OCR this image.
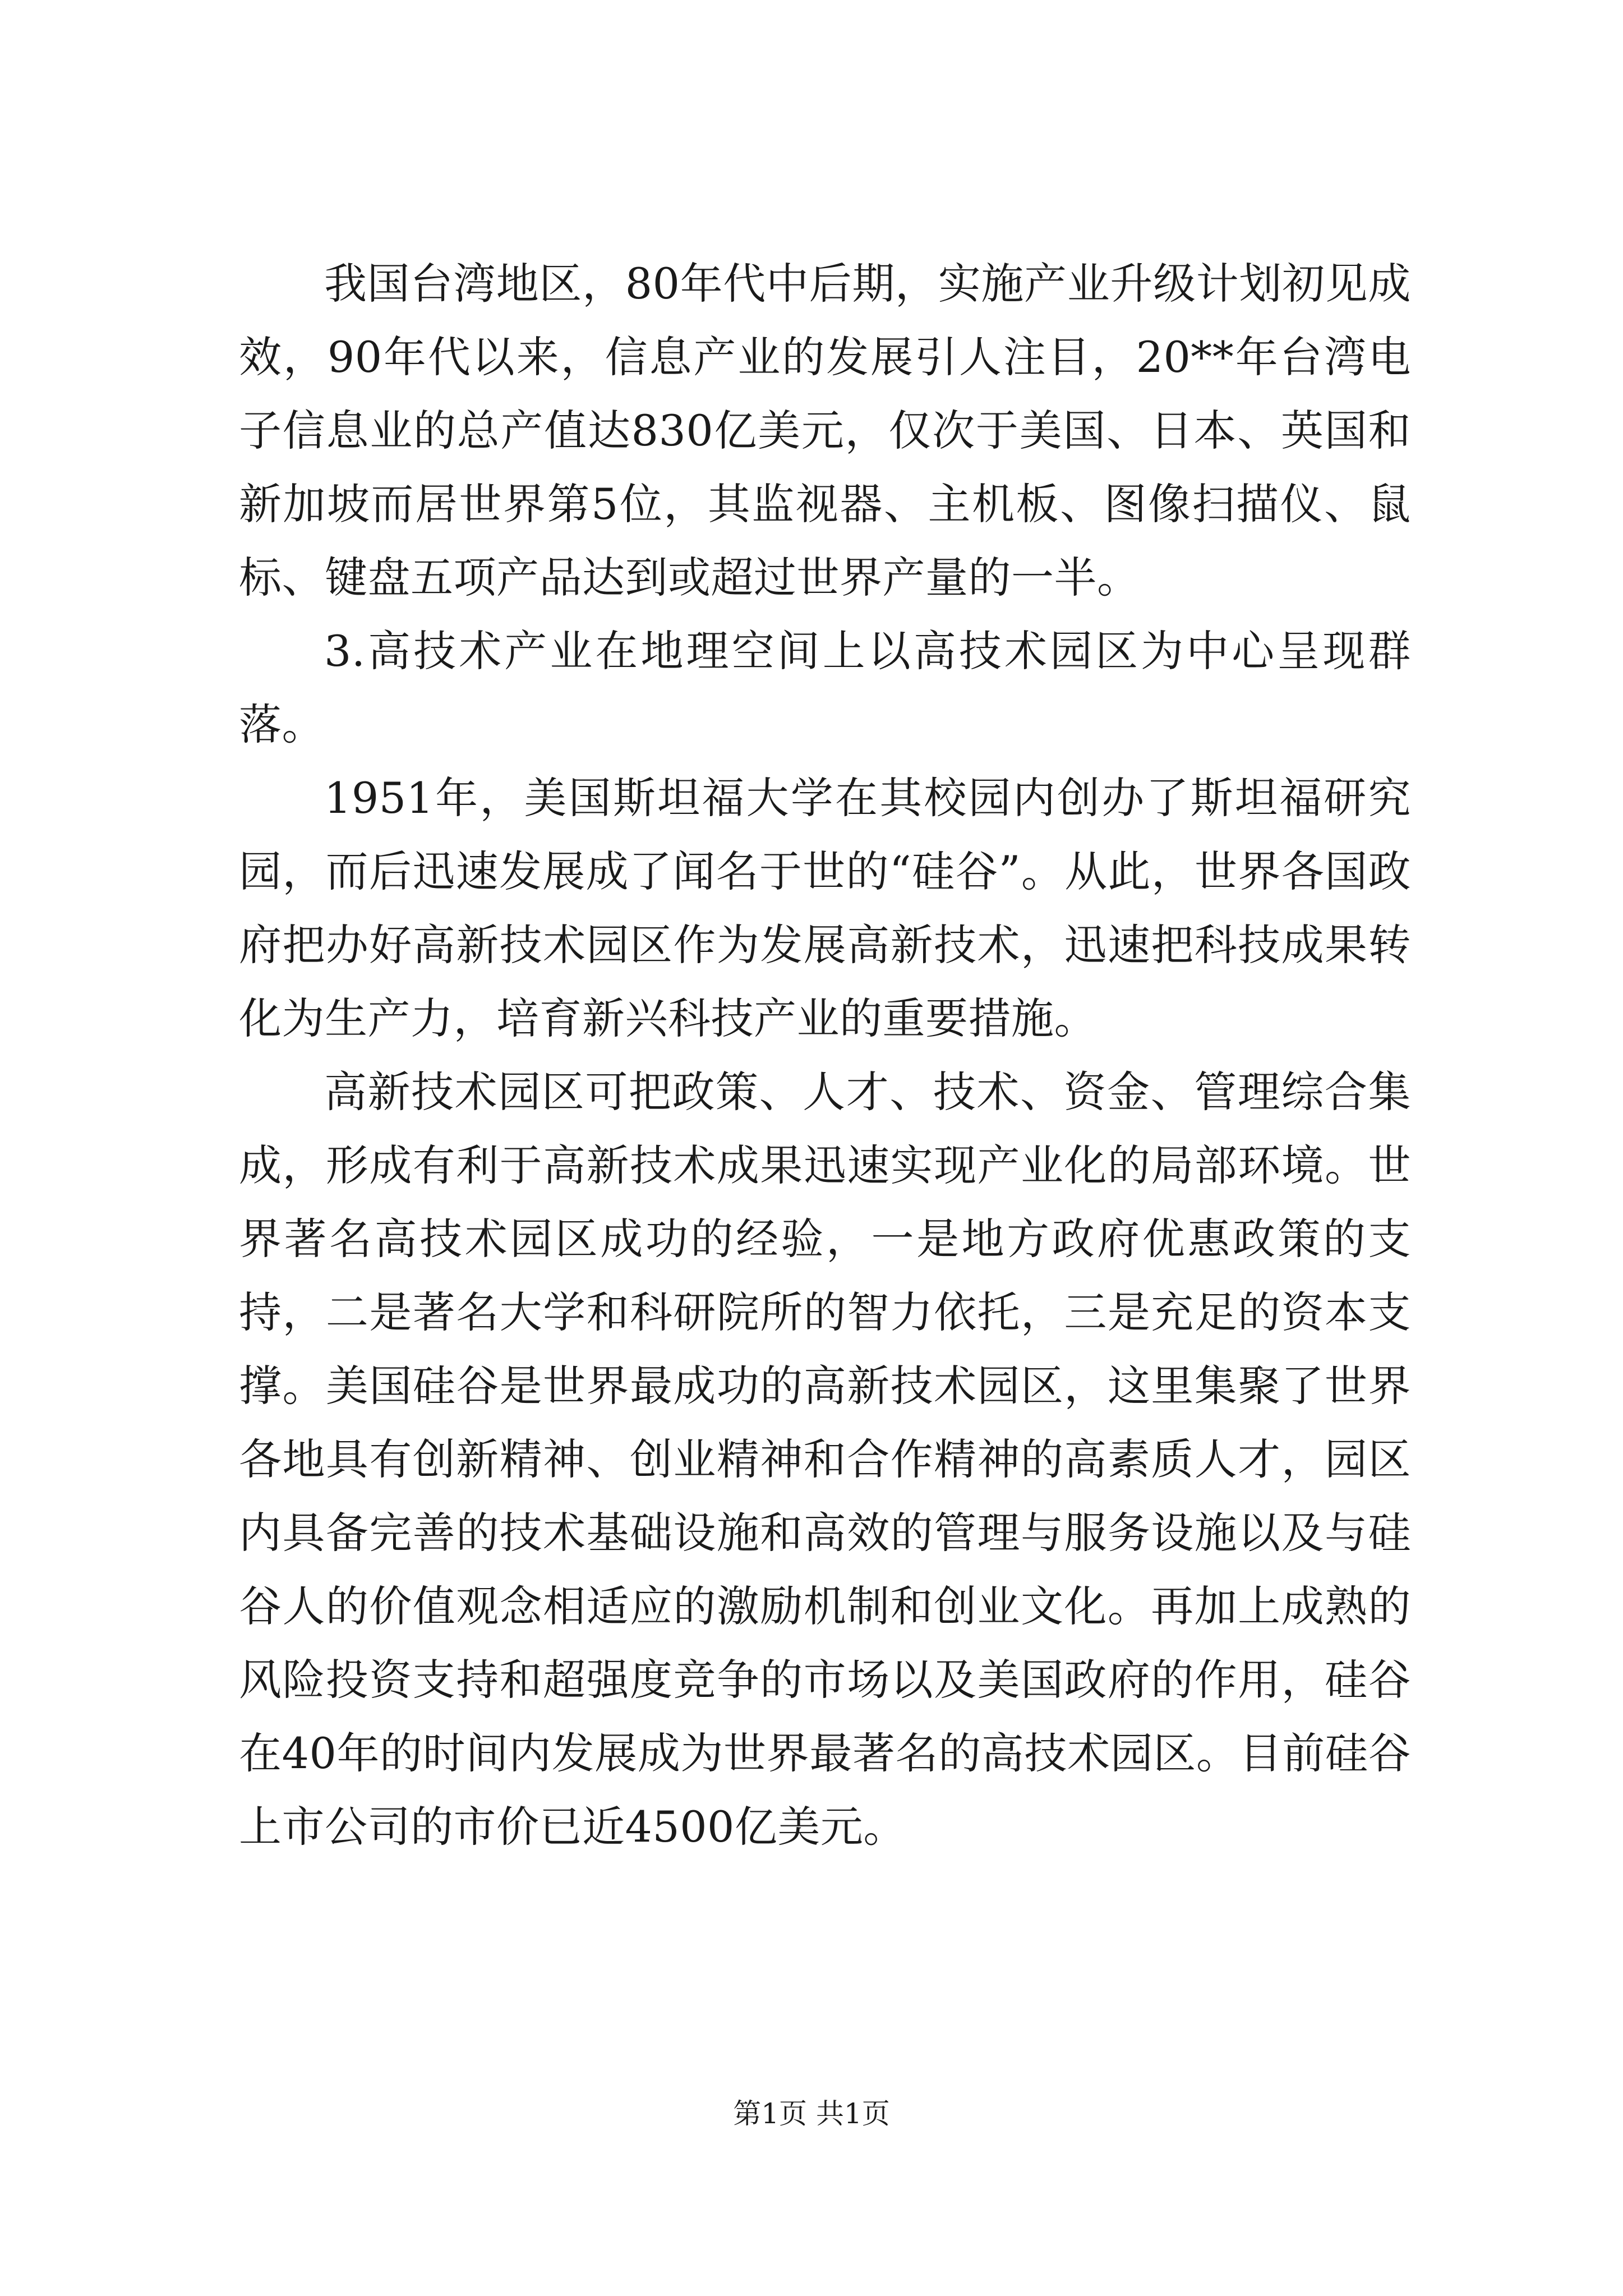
我国台湾地区，80年代中后期，实施产业升级计划初见成效，90年代以来，信息产业的发展引人注目，20**年台湾电子信息业的总产值达830亿美元，仅次于美国、日本、英国和新加坡而居世界第5位，其监视器、主机板、图像扫描仪、鼠标、键盘五项产品达到或超过世界产量的一半。

3.高技术产业在地理空间上以高技术园区为中心呈现群落。

1951年，美国斯坦福大学在其校园内创办了斯坦福研究园，而后迅速发展成了闻名于世的“硅谷”。从此，世界各国政府把办好高新技术园区作为发展高新技术，迅速把科技成果转化为生产力，培育新兴科技产业的重要措施。

高新技术园区可把政策、人才、技术、资金、管理综合集成，形成有利于高新技术成果迅速实现产业化的局部环境。世界著名高技术园区成功的经验，一是地方政府优惠政策的支持，二是著名大学和科研院所的智力依托，三是充足的资本支撑。美国硅谷是世界最成功的高新技术园区，这里集聚了世界各地具有创新精神、创业精神和合作精神的高素质人才，园区内具备完善的技术基础设施和高效的管理与服务设施以及与硅谷人的价值观念相适应的激励机制和创业文化。再加上成熟的风险投资支持和超强度竞争的市场以及美国政府的作用，硅谷在40年的时间内发展成为世界最著名的高技术园区。目前硅谷上市公司的市价已近4500亿美元。

第1页 共1页
